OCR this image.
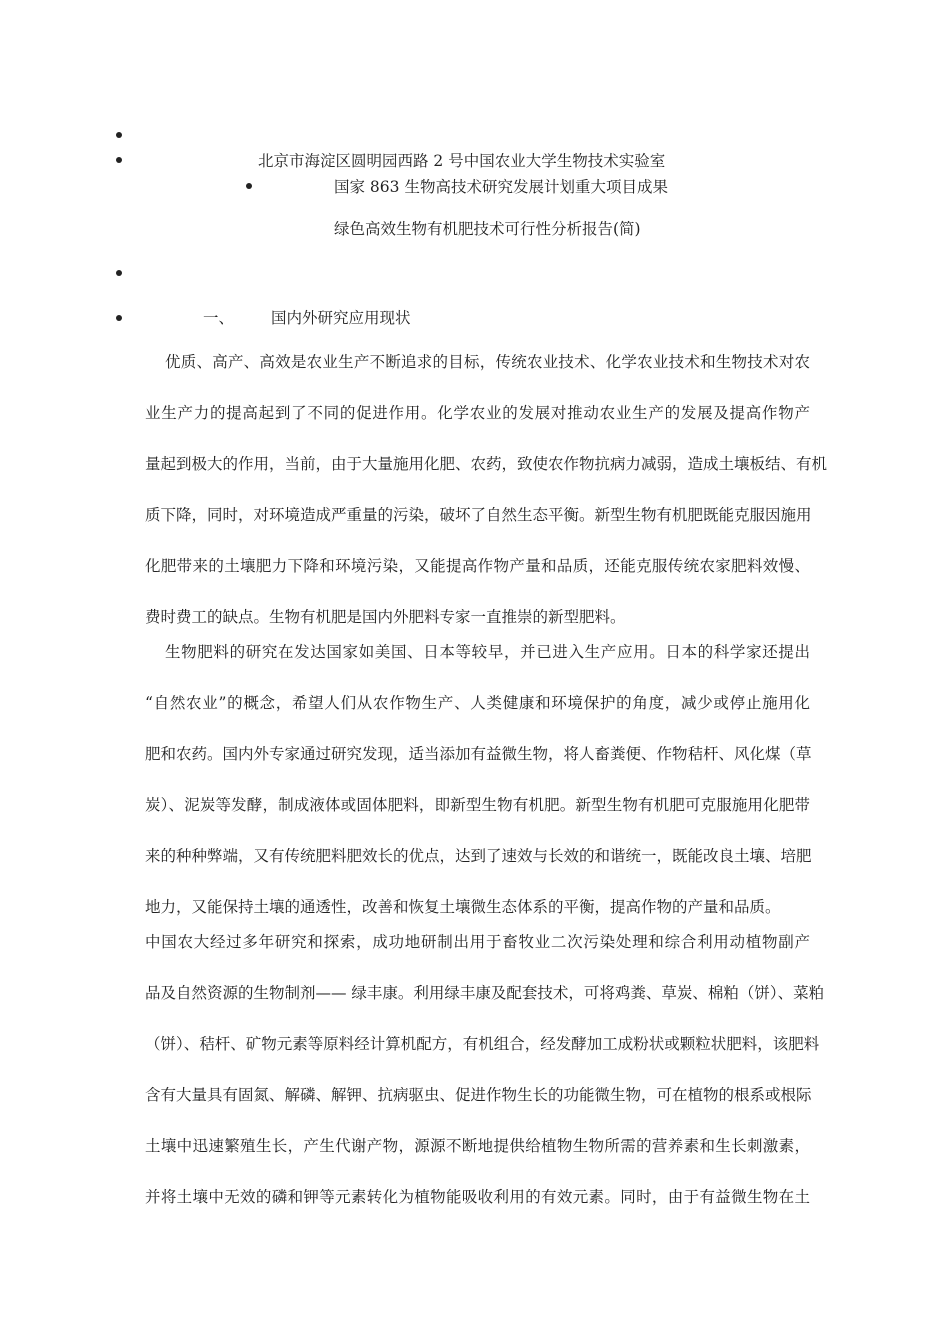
北京市海淀区圆明园西路 2 号中国农业大学生物技术实验室
国家 863 生物高技术研究发展计划重大项目成果
绿色高效生物有机肥技术可行性分析报告(简)
一、 国内外研究应用现状
优质、高产、高效是农业生产不断追求的目标，传统农业技术、化学农业技术和生物技术对农
业生产力的提高起到了不同的促进作用。化学农业的发展对推动农业生产的发展及提高作物产
量起到极大的作用，当前，由于大量施用化肥、农药，致使农作物抗病力减弱，造成土壤板结、有机
质下降，同时，对环境造成严重量的污染，破坏了自然生态平衡。新型生物有机肥既能克服因施用
化肥带来的土壤肥力下降和环境污染，又能提高作物产量和品质，还能克服传统农家肥料效慢、
费时费工的缺点。生物有机肥是国内外肥料专家一直推崇的新型肥料。
生物肥料的研究在发达国家如美国、日本等较早，并已进入生产应用。日本的科学家还提出
“自然农业”的概念，希望人们从农作物生产、人类健康和环境保护的角度，减少或停止施用化
肥和农药。国内外专家通过研究发现，适当添加有益微生物，将人畜粪便、作物秸杆、风化煤（草
炭）、泥炭等发酵，制成液体或固体肥料，即新型生物有机肥。新型生物有机肥可克服施用化肥带
来的种种弊端，又有传统肥料肥效长的优点，达到了速效与长效的和谐统一，既能改良土壤、培肥
地力，又能保持土壤的通透性，改善和恢复土壤微生态体系的平衡，提高作物的产量和品质。
中国农大经过多年研究和探索，成功地研制出用于畜牧业二次污染处理和综合利用动植物副产
品及自然资源的生物制剂—— 绿丰康。利用绿丰康及配套技术，可将鸡粪、草炭、棉粕（饼）、菜粕
（饼）、秸杆、矿物元素等原料经计算机配方，有机组合，经发酵加工成粉状或颗粒状肥料，该肥料
含有大量具有固氮、解磷、解钾、抗病驱虫、促进作物生长的功能微生物，可在植物的根系或根际
土壤中迅速繁殖生长，产生代谢产物，源源不断地提供给植物生物所需的营养素和生长刺激素，
并将土壤中无效的磷和钾等元素转化为植物能吸收利用的有效元素。同时，由于有益微生物在土
